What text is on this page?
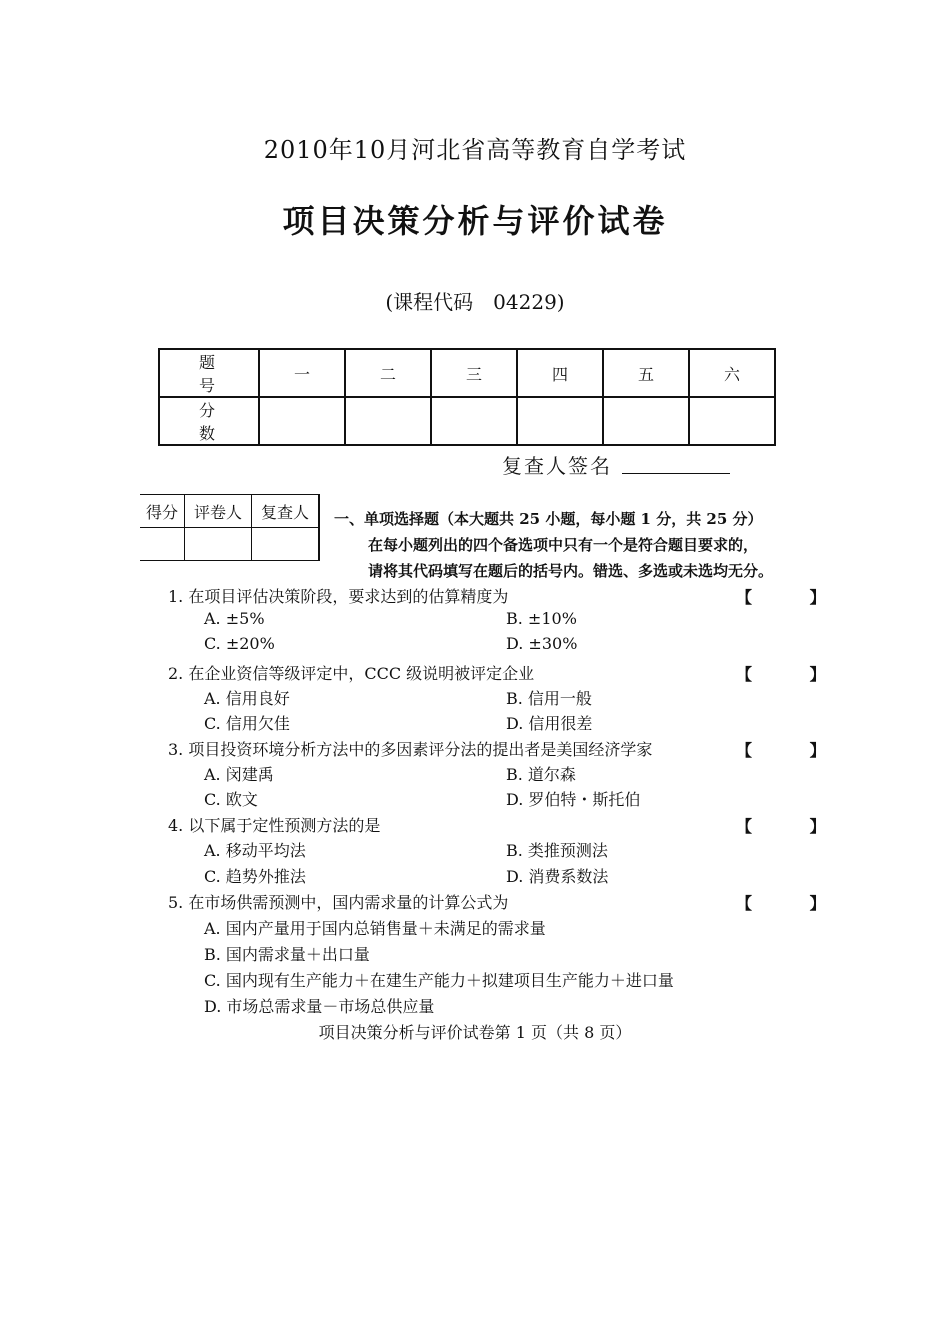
2010年10月河北省高等教育自学考试
项目决策分析与评价试卷
(课程代码　04229)
题　号	一	二	三	四	五	六
分　数						
复查人签名
得分	评卷人	复查人
		一、单项选择题（本大题共 25 小题，每小题 1 分，共 25 分）
在每小题列出的四个备选项中只有一个是符合题目要求的，
请将其代码填写在题后的括号内。错选、多选或未选均无分。
1. 在项目评估决策阶段，要求达到的估算精度为	【 】
A. ±5%	B. ±10%
C. ±20%	D. ±30%
2. 在企业资信等级评定中，CCC 级说明被评定企业	【 】
A. 信用良好	B. 信用一般
C. 信用欠佳	D. 信用很差
3. 项目投资环境分析方法中的多因素评分法的提出者是美国经济学家	【 】
A. 闵建禹	B. 道尔森
C. 欧文	D. 罗伯特・斯托伯
4. 以下属于定性预测方法的是	【 】
A. 移动平均法	B. 类推预测法
C. 趋势外推法	D. 消费系数法
5. 在市场供需预测中，国内需求量的计算公式为	【 】
A. 国内产量用于国内总销售量＋未满足的需求量
B. 国内需求量＋出口量
C. 国内现有生产能力＋在建生产能力＋拟建项目生产能力＋进口量
D. 市场总需求量－市场总供应量
项目决策分析与评价试卷第 1 页（共 8 页）
